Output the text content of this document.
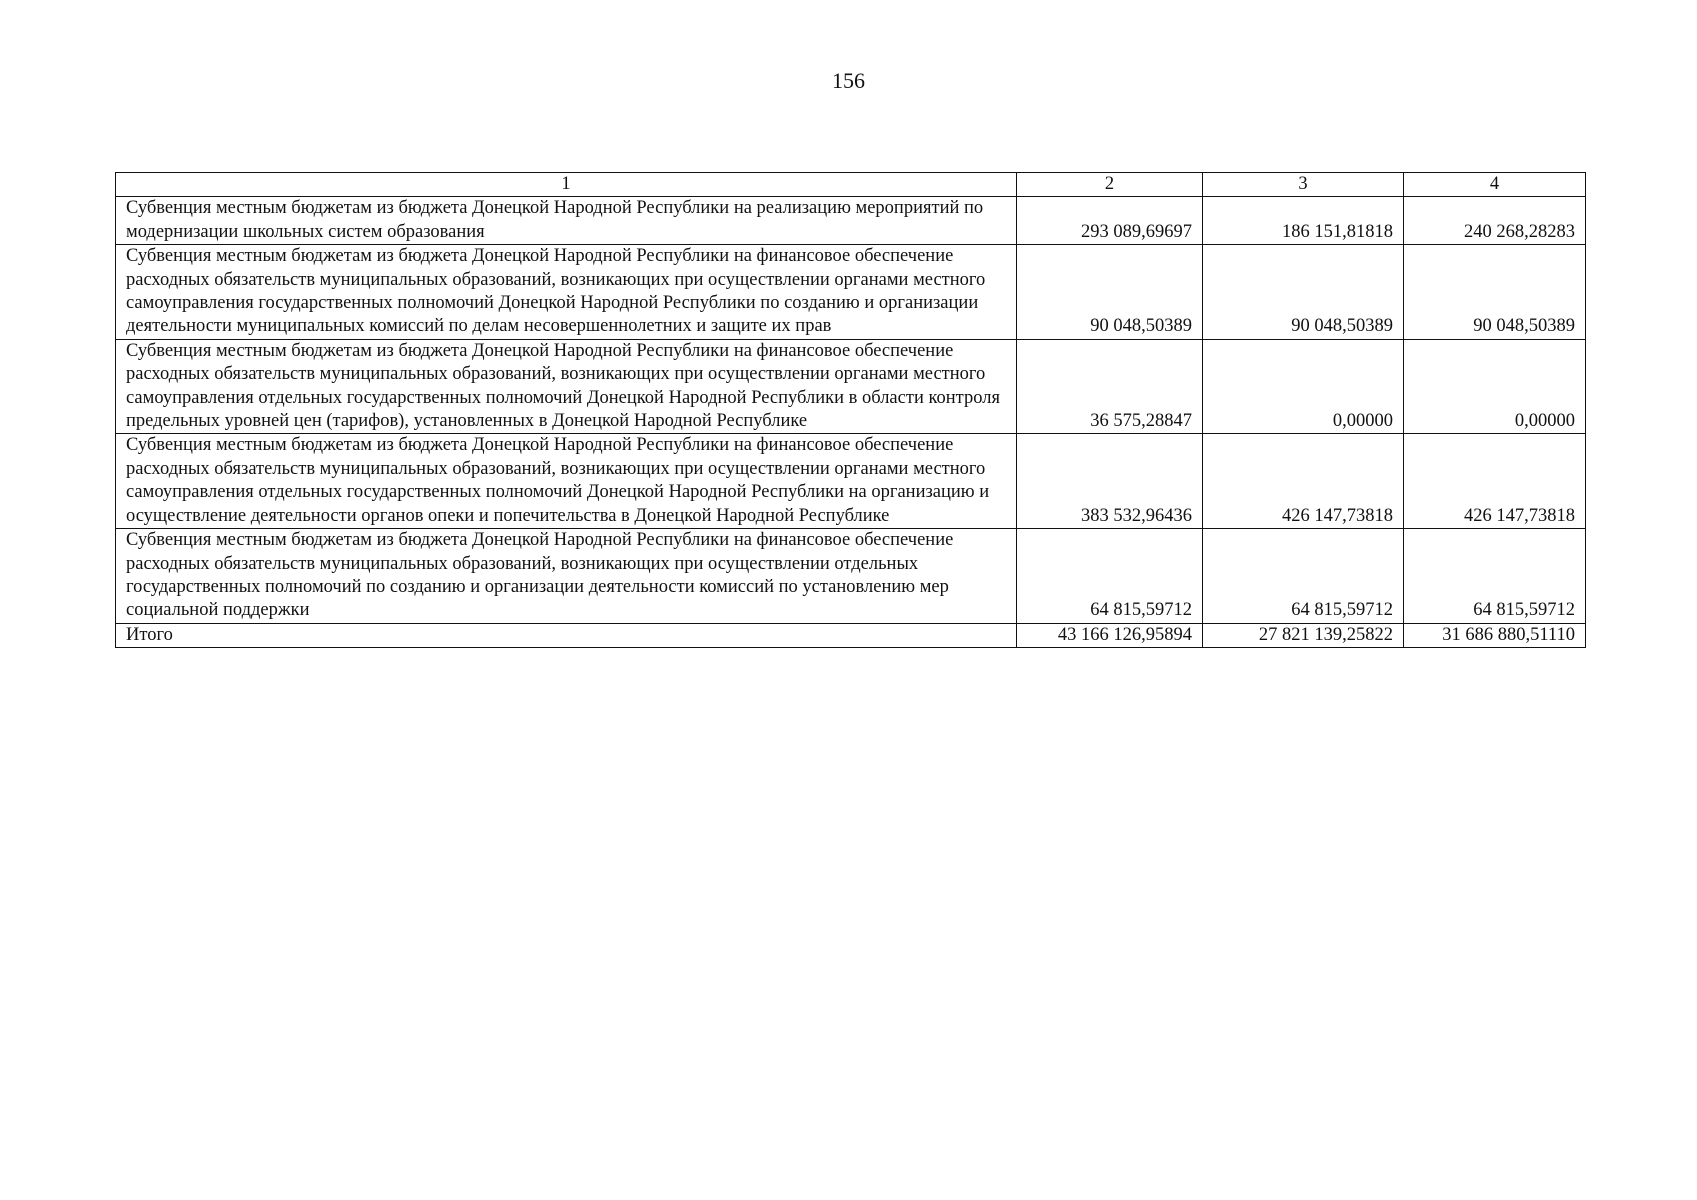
156
1	2	3	4
Субвенция местным бюджетам из бюджета Донецкой Народной Республики на реализацию мероприятий по модернизации школьных систем образования	293 089,69697	186 151,81818	240 268,28283
Субвенция местным бюджетам из бюджета Донецкой Народной Республики на финансовое обеспечение расходных обязательств муниципальных образований, возникающих при осуществлении органами местного самоуправления государственных полномочий Донецкой Народной Республики по созданию и организации деятельности муниципальных комиссий по делам несовершеннолетних и защите их прав	90 048,50389	90 048,50389	90 048,50389
Субвенция местным бюджетам из бюджета Донецкой Народной Республики на финансовое обеспечение расходных обязательств муниципальных образований, возникающих при осуществлении органами местного самоуправления отдельных государственных полномочий Донецкой Народной Республики в области контроля предельных уровней цен (тарифов), установленных в Донецкой Народной Республике	36 575,28847	0,00000	0,00000
Субвенция местным бюджетам из бюджета Донецкой Народной Республики на финансовое обеспечение расходных обязательств муниципальных образований, возникающих при осуществлении органами местного самоуправления отдельных государственных полномочий Донецкой Народной Республики на организацию и осуществление деятельности органов опеки и попечительства в Донецкой Народной Республике	383 532,96436	426 147,73818	426 147,73818
Субвенция местным бюджетам из бюджета Донецкой Народной Республики на финансовое обеспечение расходных обязательств муниципальных образований, возникающих при осуществлении отдельных государственных полномочий по созданию и организации деятельности комиссий по установлению мер социальной поддержки	64 815,59712	64 815,59712	64 815,59712
Итого	43 166 126,95894	27 821 139,25822	31 686 880,51110
